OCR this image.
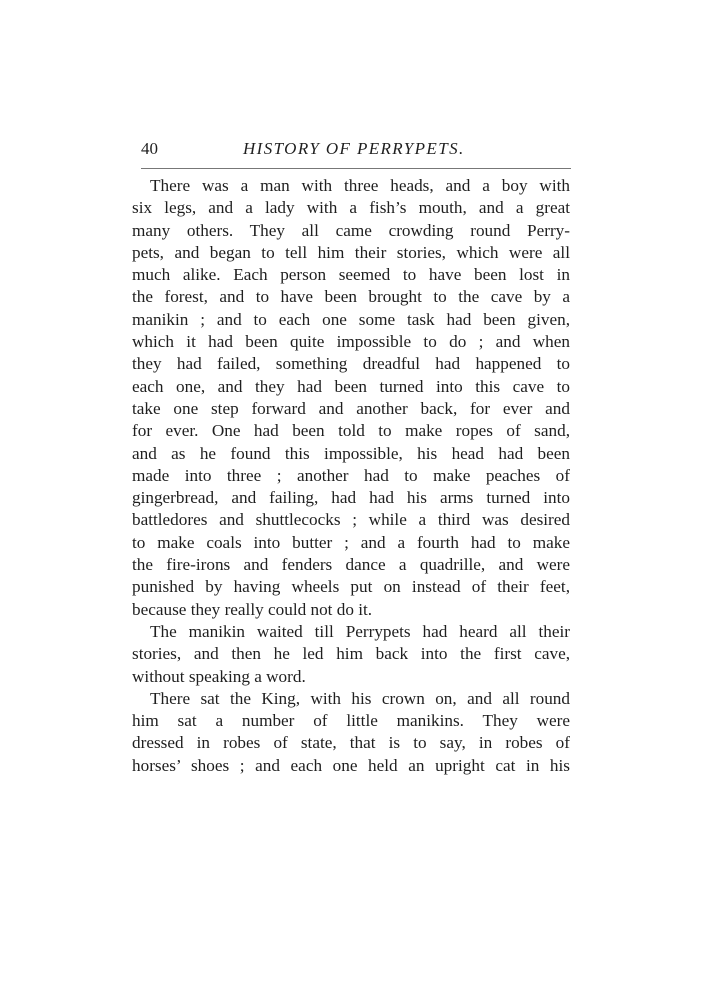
40	HISTORY OF PERRYPETS.
There was a man with three heads, and a boy with
six legs, and a lady with a fish’s mouth, and a great
many others. They all came crowding round Perry-
pets, and began to tell him their stories, which were all
much alike. Each person seemed to have been lost in
the forest, and to have been brought to the cave by a
manikin ; and to each one some task had been given,
which it had been quite impossible to do ; and when
they had failed, something dreadful had happened to
each one, and they had been turned into this cave to
take one step forward and another back, for ever and
for ever. One had been told to make ropes of sand,
and as he found this impossible, his head had been
made into three ; another had to make peaches of
gingerbread, and failing, had had his arms turned into
battledores and shuttlecocks ; while a third was desired
to make coals into butter ; and a fourth had to make
the fire-irons and fenders dance a quadrille, and were
punished by having wheels put on instead of their feet,
because they really could not do it.
The manikin waited till Perrypets had heard all their
stories, and then he led him back into the first cave,
without speaking a word.
There sat the King, with his crown on, and all round
him sat a number of little manikins. They were
dressed in robes of state, that is to say, in robes of
horses’ shoes ; and each one held an upright cat in his
